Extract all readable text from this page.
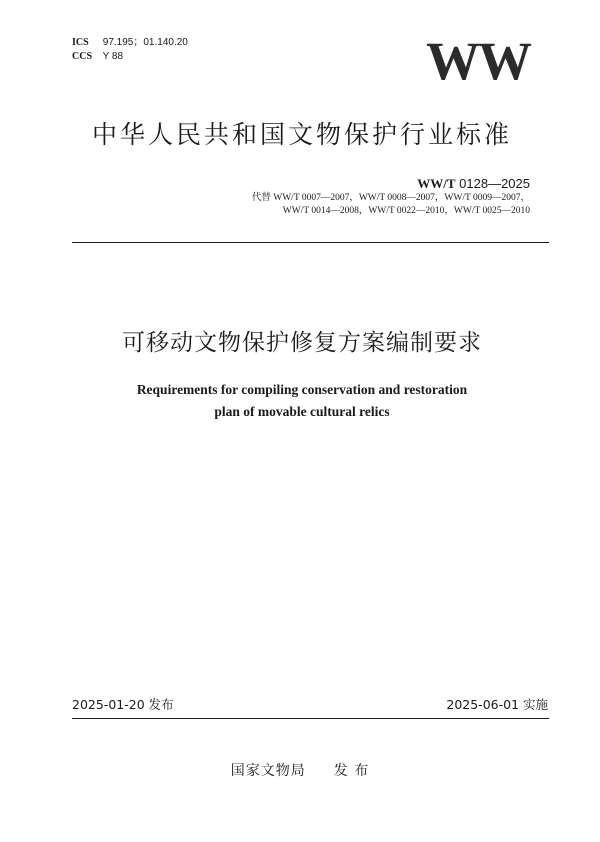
ICS 97.195；01.140.20
CCS Y 88	WW
中华人民共和国文物保护行业标准
WW/T 0128—2025
代替 WW/T 0007—2007，WW/T 0008—2007，WW/T 0009—2007，
WW/T 0014—2008，WW/T 0022—2010，WW/T 0025—2010
可移动文物保护修复方案编制要求
Requirements for compiling conservation and restoration
plan of movable cultural relics
2025-01-20 发布	2025-06-01 实施
国家文物局 发 布
